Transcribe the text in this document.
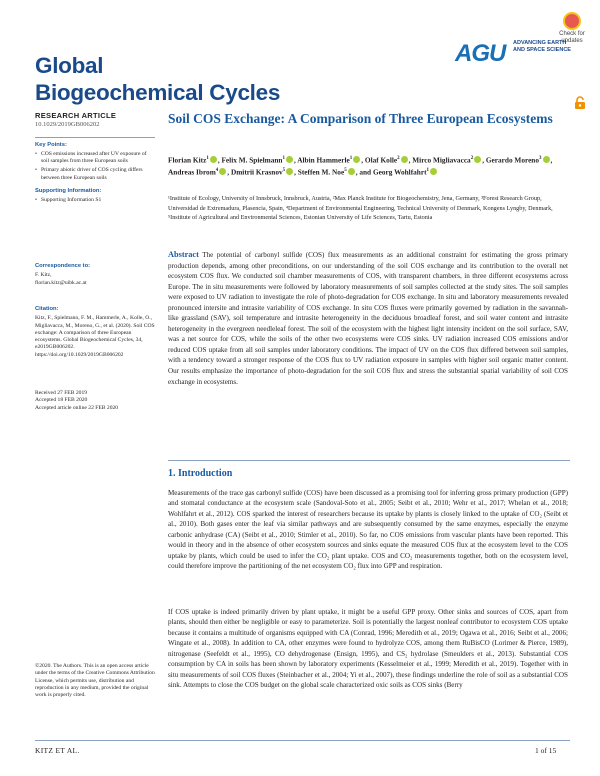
Global
Biogeochemical Cycles
AGU ADVANCING EARTH AND SPACE SCIENCE
Check for updates
RESEARCH ARTICLE
10.1029/2019GB006202
Key Points:
• COS emissions increased after UV exposure of soil samples from three European soils
• Primary abiotic driver of COS cycling differs between three European soils
Supporting Information:
• Supporting Information S1
Correspondence to:
F. Kitz,
florian.kitz@uibk.ac.at
Citation:
Kitz, F., Spielmann, F. M., Hammerle, A., Kolle, O., Migliavacca, M., Moreno, G., et al. (2020). Soil COS exchange: A comparison of three European ecosystems. Global Biogeochemical Cycles, 34, e2019GB006202. https://doi.org/10.1029/2019GB006202
Received 27 FEB 2019
Accepted 18 FEB 2020
Accepted article online 22 FEB 2020
©2020. The Authors. This is an open access article under the terms of the Creative Commons Attribution License, which permits use, distribution and reproduction in any medium, provided the original work is properly cited.
Soil COS Exchange: A Comparison of Three European Ecosystems
Florian Kitz$^1$ , Felix M. Spielmann$^1$ , Albin Hammerle$^1$ , Olaf Kolle$^2$ , Mirco Migliavacca$^2$ , Gerardo Moreno$^3$ , Andreas Ibrom$^4$ , Dmitrii Krasnov$^5$ , Steffen M. Noe$^5$ , and Georg Wohlfahrt$^1$
¹Institute of Ecology, University of Innsbruck, Innsbruck, Austria, ²Max Planck Institute for Biogeochemistry, Jena, Germany, ³Forest Research Group, Universidad de Extremadura, Plasencia, Spain, ⁴Department of Environmental Engineering, Technical University of Denmark, Kongens Lyngby, Denmark, ⁵Institute of Agricultural and Environmental Sciences, Estonian University of Life Sciences, Tartu, Estonia
Abstract The potential of carbonyl sulfide (COS) flux measurements as an additional constraint for estimating the gross primary production depends, among other preconditions, on our understanding of the soil COS exchange and its contribution to the overall net ecosystem COS flux. We conducted soil chamber measurements of COS, with transparent chambers, in three different ecosystems across Europe. The in situ measurements were followed by laboratory measurements of soil samples collected at the study sites. The soil samples were exposed to UV radiation to investigate the role of photo-degradation for COS exchange. In situ and laboratory measurements revealed pronounced intersite and intrasite variability of COS exchange. In situ COS fluxes were primarily governed by radiation in the savannah-like grassland (SAV), soil temperature and intrasite heterogeneity in the deciduous broadleaf forest, and soil water content and intrasite heterogeneity in the evergreen needleleaf forest. The soil of the ecosystem with the highest light intensity incident on the soil surface, SAV, was a net source for COS, while the soils of the other two ecosystems were COS sinks. UV radiation increased COS emissions and/or reduced COS uptake from all soil samples under laboratory conditions. The impact of UV on the COS flux differed between soil samples, with a tendency toward a stronger response of the COS flux to UV radiation exposure in samples with higher soil organic matter content. Our results emphasize the importance of photo-degradation for the soil COS flux and stress the substantial spatial variability of soil COS exchange in ecosystems.
1. Introduction
Measurements of the trace gas carbonyl sulfide (COS) have been discussed as a promising tool for inferring gross primary production (GPP) and stomatal conductance at the ecosystem scale (Sandoval-Soto et al., 2005; Seibt et al., 2010; Wehr et al., 2017; Whelan et al., 2018; Wohlfahrt et al., 2012). COS sparked the interest of researchers because its uptake by plants is closely linked to the uptake of CO₂ (Seibt et al., 2010). Both gases enter the leaf via similar pathways and are subsequently consumed by the same enzymes, especially the enzyme carbonic anhydrase (CA) (Seibt et al., 2010; Stimler et al., 2010). So far, no COS emissions from vascular plants have been reported. This would in theory and in the absence of other ecosystem sources and sinks equate the measured COS flux at the ecosystem level to the COS uptake by plants, which could be used to infer the CO₂ plant uptake. COS and CO₂ measurements together, both on the ecosystem level, could therefore improve the partitioning of the net ecosystem CO₂ flux into GPP and respiration.
If COS uptake is indeed primarily driven by plant uptake, it might be a useful GPP proxy. Other sinks and sources of COS, apart from plants, should then either be negligible or easy to parameterize. Soil is potentially the largest nonleaf contributor to ecosystem COS uptake because it contains a multitude of organisms equipped with CA (Conrad, 1996; Meredith et al., 2019; Ogawa et al., 2016; Seibt et al., 2006; Wingate et al., 2008). In addition to CA, other enzymes were found to hydrolyze COS, among them RuBisCO (Lorimer & Pierce, 1989), nitrogenase (Seefeldt et al., 1995), CO dehydrogenase (Ensign, 1995), and CS₂ hydrolase (Smeulders et al., 2013). Substantial COS consumption by CA in soils has been shown by laboratory experiments (Kesselmeier et al., 1999; Meredith et al., 2019). Together with in situ measurements of soil COS fluxes (Steinbacher et al., 2004; Yi et al., 2007), these findings underline the role of soil as a substantial COS sink. Attempts to close the COS budget on the global scale characterized oxic soils as COS sinks (Berry
KITZ ET AL.	1 of 15
